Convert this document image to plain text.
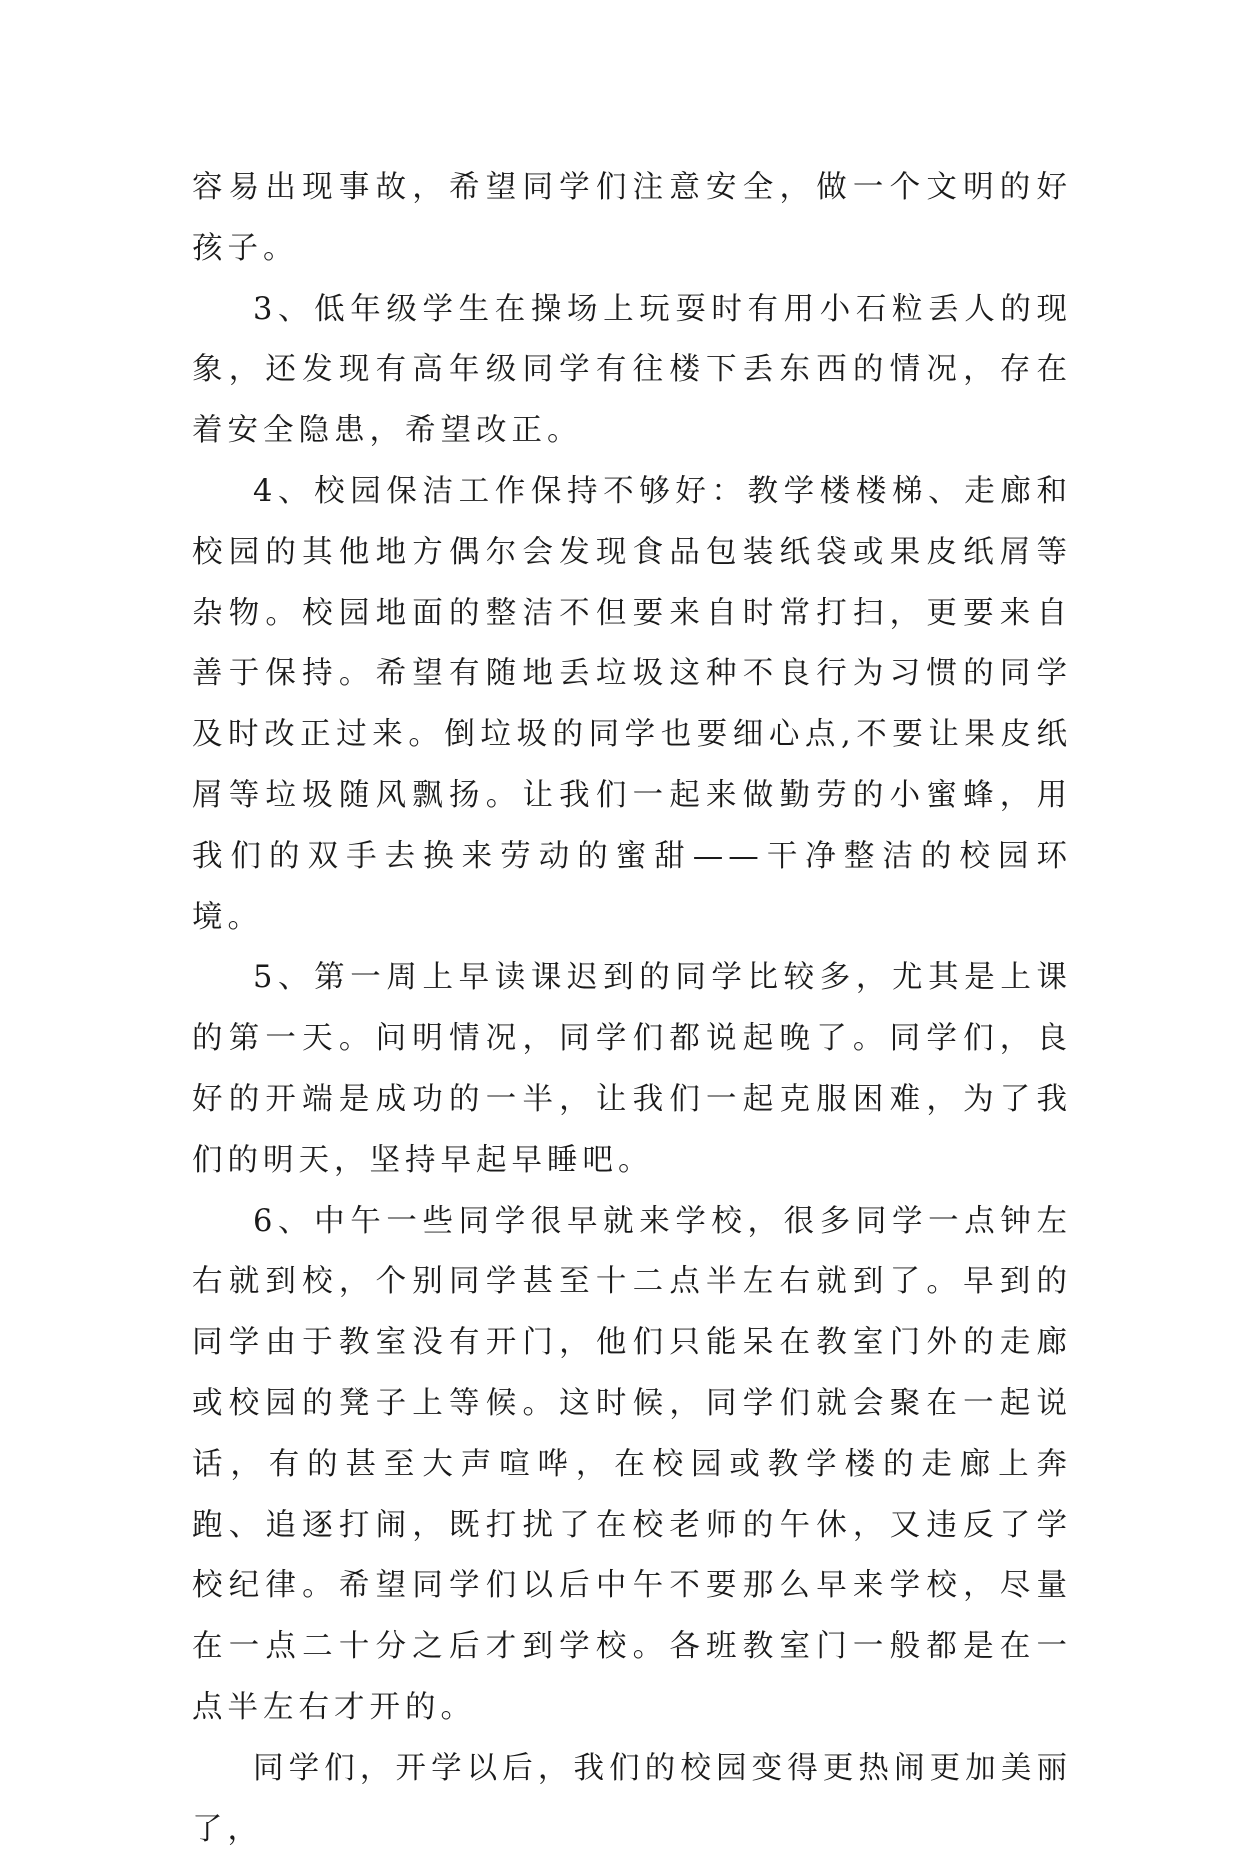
容易出现事故，希望同学们注意安全，做一个文明的好孩子。

3、低年级学生在操场上玩耍时有用小石粒丢人的现象，还发现有高年级同学有往楼下丢东西的情况，存在着安全隐患，希望改正。

4、校园保洁工作保持不够好：教学楼楼梯、走廊和校园的其他地方偶尔会发现食品包装纸袋或果皮纸屑等杂物。校园地面的整洁不但要来自时常打扫，更要来自善于保持。希望有随地丢垃圾这种不良行为习惯的同学及时改正过来。倒垃圾的同学也要细心点,不要让果皮纸屑等垃圾随风飘扬。让我们一起来做勤劳的小蜜蜂，用我们的双手去换来劳动的蜜甜——干净整洁的校园环境。

5、第一周上早读课迟到的同学比较多，尤其是上课的第一天。问明情况，同学们都说起晚了。同学们，良好的开端是成功的一半，让我们一起克服困难，为了我们的明天，坚持早起早睡吧。

6、中午一些同学很早就来学校，很多同学一点钟左右就到校，个别同学甚至十二点半左右就到了。早到的同学由于教室没有开门，他们只能呆在教室门外的走廊或校园的凳子上等候。这时候，同学们就会聚在一起说话，有的甚至大声喧哗，在校园或教学楼的走廊上奔跑、追逐打闹，既打扰了在校老师的午休，又违反了学校纪律。希望同学们以后中午不要那么早来学校，尽量在一点二十分之后才到学校。各班教室门一般都是在一点半左右才开的。

同学们，开学以后，我们的校园变得更热闹更加美丽了，
